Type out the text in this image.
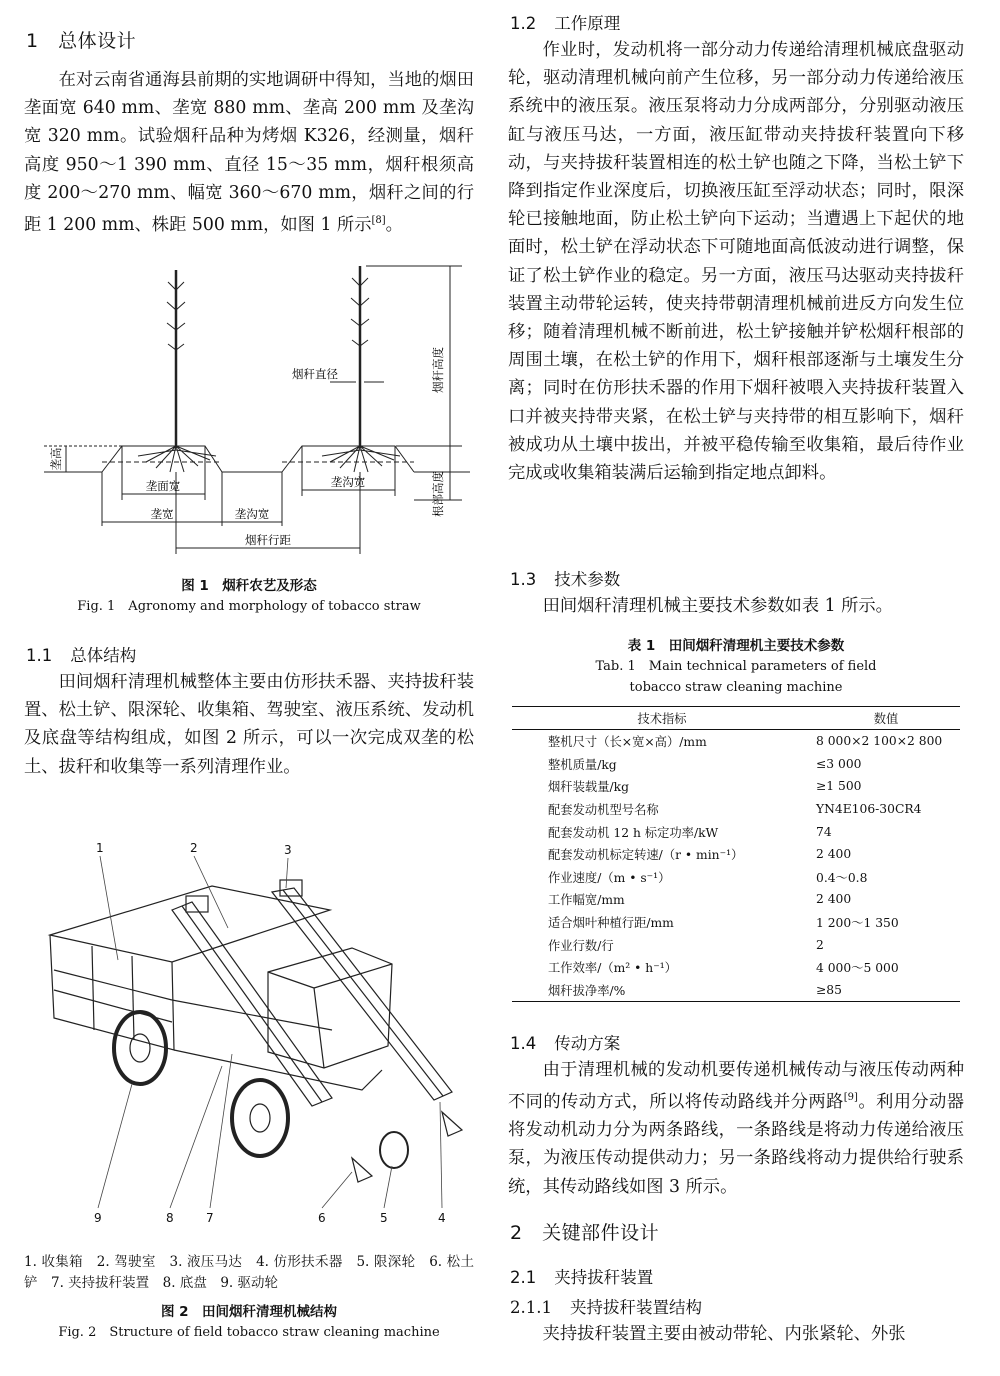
1　总体设计

在对云南省通海县前期的实地调研中得知，当地的烟田垄面宽 640 mm、垄宽 880 mm、垄高 200 mm 及垄沟宽 320 mm。试验烟秆品种为烤烟 K326，经测量，烟秆高度 950～1 390 mm、直径 15～35 mm，烟秆根须高度 200～270 mm、幅宽 360～670 mm，烟秆之间的行距 1 200 mm、株距 500 mm，如图 1 所示[8]。

烟秆直径	烟秆高度
垄高
垄面宽
垄宽	垄沟宽
垄沟宽
烟秆行距
根部高度
图 1　烟秆农艺及形态
Fig. 1　Agronomy and morphology of tobacco straw
1.1 总体结构

田间烟秆清理机械整体主要由仿形扶禾器、夹持拔秆装置、松土铲、限深轮、收集箱、驾驶室、液压系统、发动机及底盘等结构组成，如图 2 所示，可以一次完成双垄的松土、拔秆和收集等一系列清理作业。

1	2	3
4
5
6
7
8
9
1. 收集箱　2. 驾驶室　3. 液压马达　4. 仿形扶禾器　5. 限深轮　6. 松土铲　7. 夹持拔秆装置　8. 底盘　9. 驱动轮
图 2　田间烟秆清理机械结构
Fig. 2　Structure of field tobacco straw cleaning machine
1.2 工作原理

作业时，发动机将一部分动力传递给清理机械底盘驱动轮，驱动清理机械向前产生位移，另一部分动力传递给液压系统中的液压泵。液压泵将动力分成两部分，分别驱动液压缸与液压马达，一方面，液压缸带动夹持拔秆装置向下移动，与夹持拔秆装置相连的松土铲也随之下降，当松土铲下降到指定作业深度后，切换液压缸至浮动状态；同时，限深轮已接触地面，防止松土铲向下运动；当遭遇上下起伏的地面时，松土铲在浮动状态下可随地面高低波动进行调整，保证了松土铲作业的稳定。另一方面，液压马达驱动夹持拔秆装置主动带轮运转，使夹持带朝清理机械前进反方向发生位移；随着清理机械不断前进，松土铲接触并铲松烟秆根部的周围土壤，在松土铲的作用下，烟秆根部逐渐与土壤发生分离；同时在仿形扶禾器的作用下烟秆被喂入夹持拔秆装置入口并被夹持带夹紧，在松土铲与夹持带的相互影响下，烟秆被成功从土壤中拔出，并被平稳传输至收集箱，最后待作业完成或收集箱装满后运输到指定地点卸料。

1.3 技术参数

田间烟秆清理机械主要技术参数如表 1 所示。

表 1　田间烟秆清理机主要技术参数
Tab. 1　Main technical parameters of field tobacco straw cleaning machine
技术指标	数值
整机尺寸（长×宽×高）/mm	8 000×2 100×2 800
整机质量/kg	≤3 000
烟秆装载量/kg	≥1 500
配套发动机型号名称	YN4E106-30CR4
配套发动机 12 h 标定功率/kW	74
配套发动机标定转速/（r • min⁻¹）	2 400
作业速度/（m • s⁻¹）	0.4～0.8
工作幅宽/mm	2 400
适合烟叶种植行距/mm	1 200～1 350
作业行数/行	2
工作效率/（m² • h⁻¹）	4 000～5 000
烟秆拔净率/%	≥85
1.4 传动方案

由于清理机械的发动机要传递机械传动与液压传动两种不同的传动方式，所以将传动路线并分两路[9]。利用分动器将发动机动力分为两条路线，一条路线是将动力传递给液压泵，为液压传动提供动力；另一条路线将动力提供给行驶系统，其传动路线如图 3 所示。

2　关键部件设计
2.1 夹持拔秆装置
2.1.1 夹持拔秆装置结构

夹持拔秆装置主要由被动带轮、内张紧轮、外张
